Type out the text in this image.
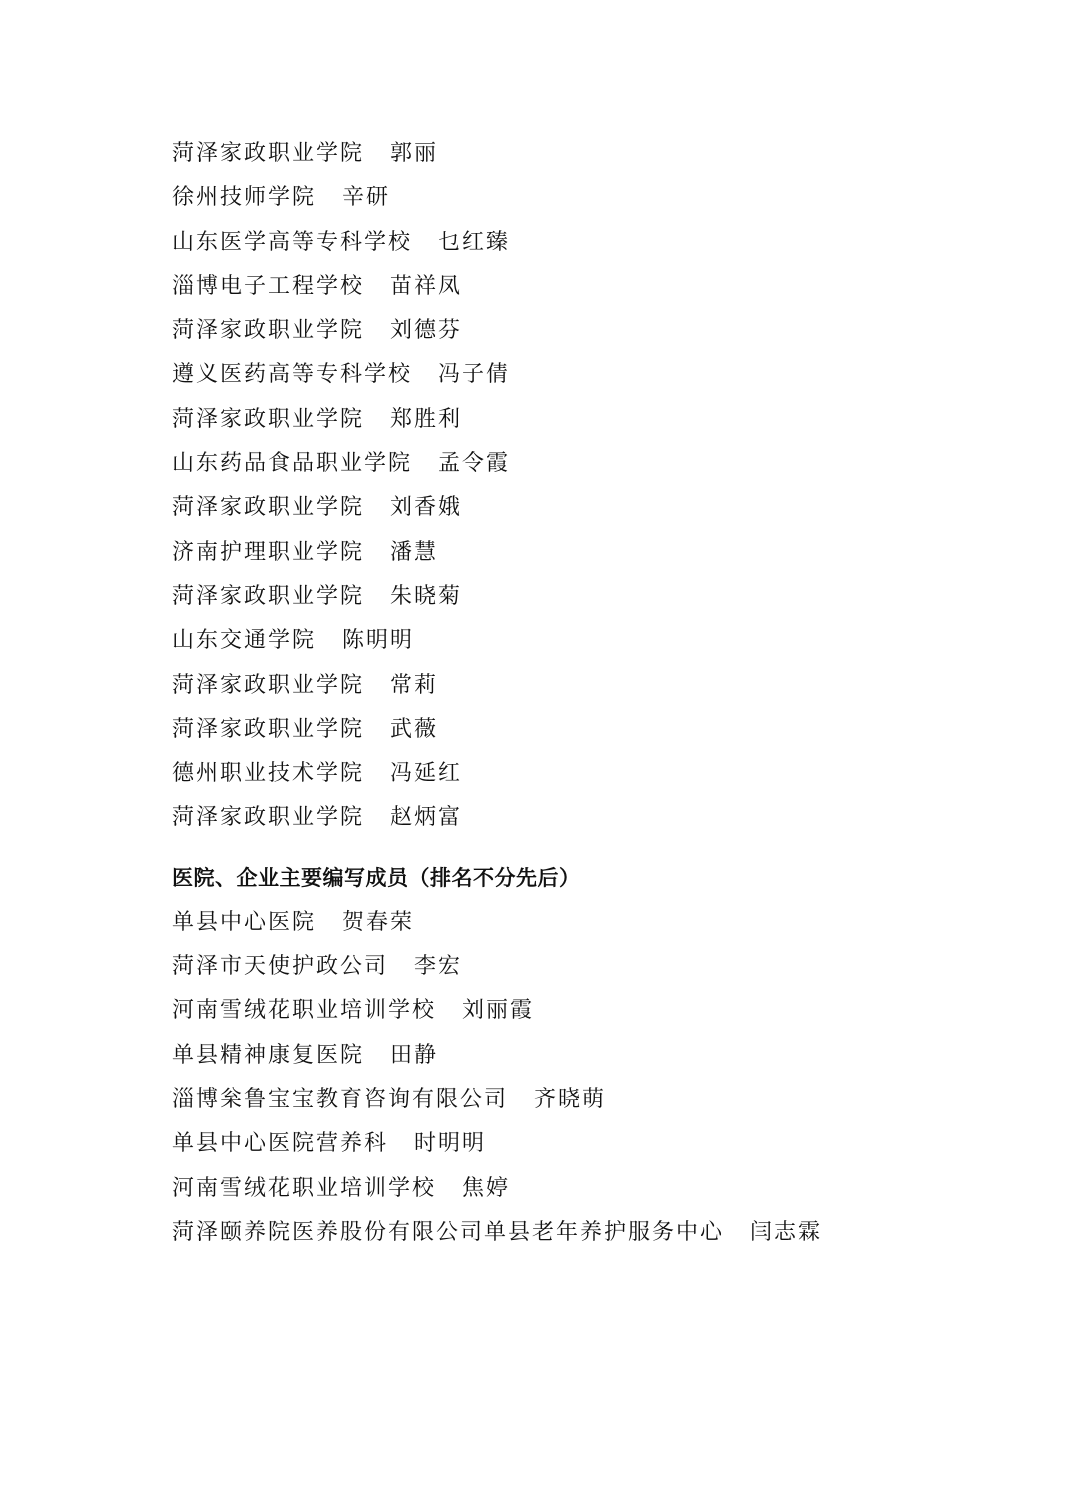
菏泽家政职业学院 郭丽
徐州技师学院 辛研
山东医学高等专科学校 乜红臻
淄博电子工程学校 苗祥凤
菏泽家政职业学院 刘德芬
遵义医药高等专科学校 冯子倩
菏泽家政职业学院 郑胜利
山东药品食品职业学院 孟令霞
菏泽家政职业学院 刘香娥
济南护理职业学院 潘慧
菏泽家政职业学院 朱晓菊
山东交通学院 陈明明
菏泽家政职业学院 常莉
菏泽家政职业学院 武薇
德州职业技术学院 冯延红
菏泽家政职业学院 赵炳富
医院、企业主要编写成员（排名不分先后）
单县中心医院 贺春荣
菏泽市天使护政公司 李宏
河南雪绒花职业培训学校 刘丽霞
单县精神康复医院 田静
淄博枀鲁宝宝教育咨询有限公司 齐晓萌
单县中心医院营养科 时明明
河南雪绒花职业培训学校 焦婷
菏泽颐养院医养股份有限公司单县老年养护服务中心 闫志霖
